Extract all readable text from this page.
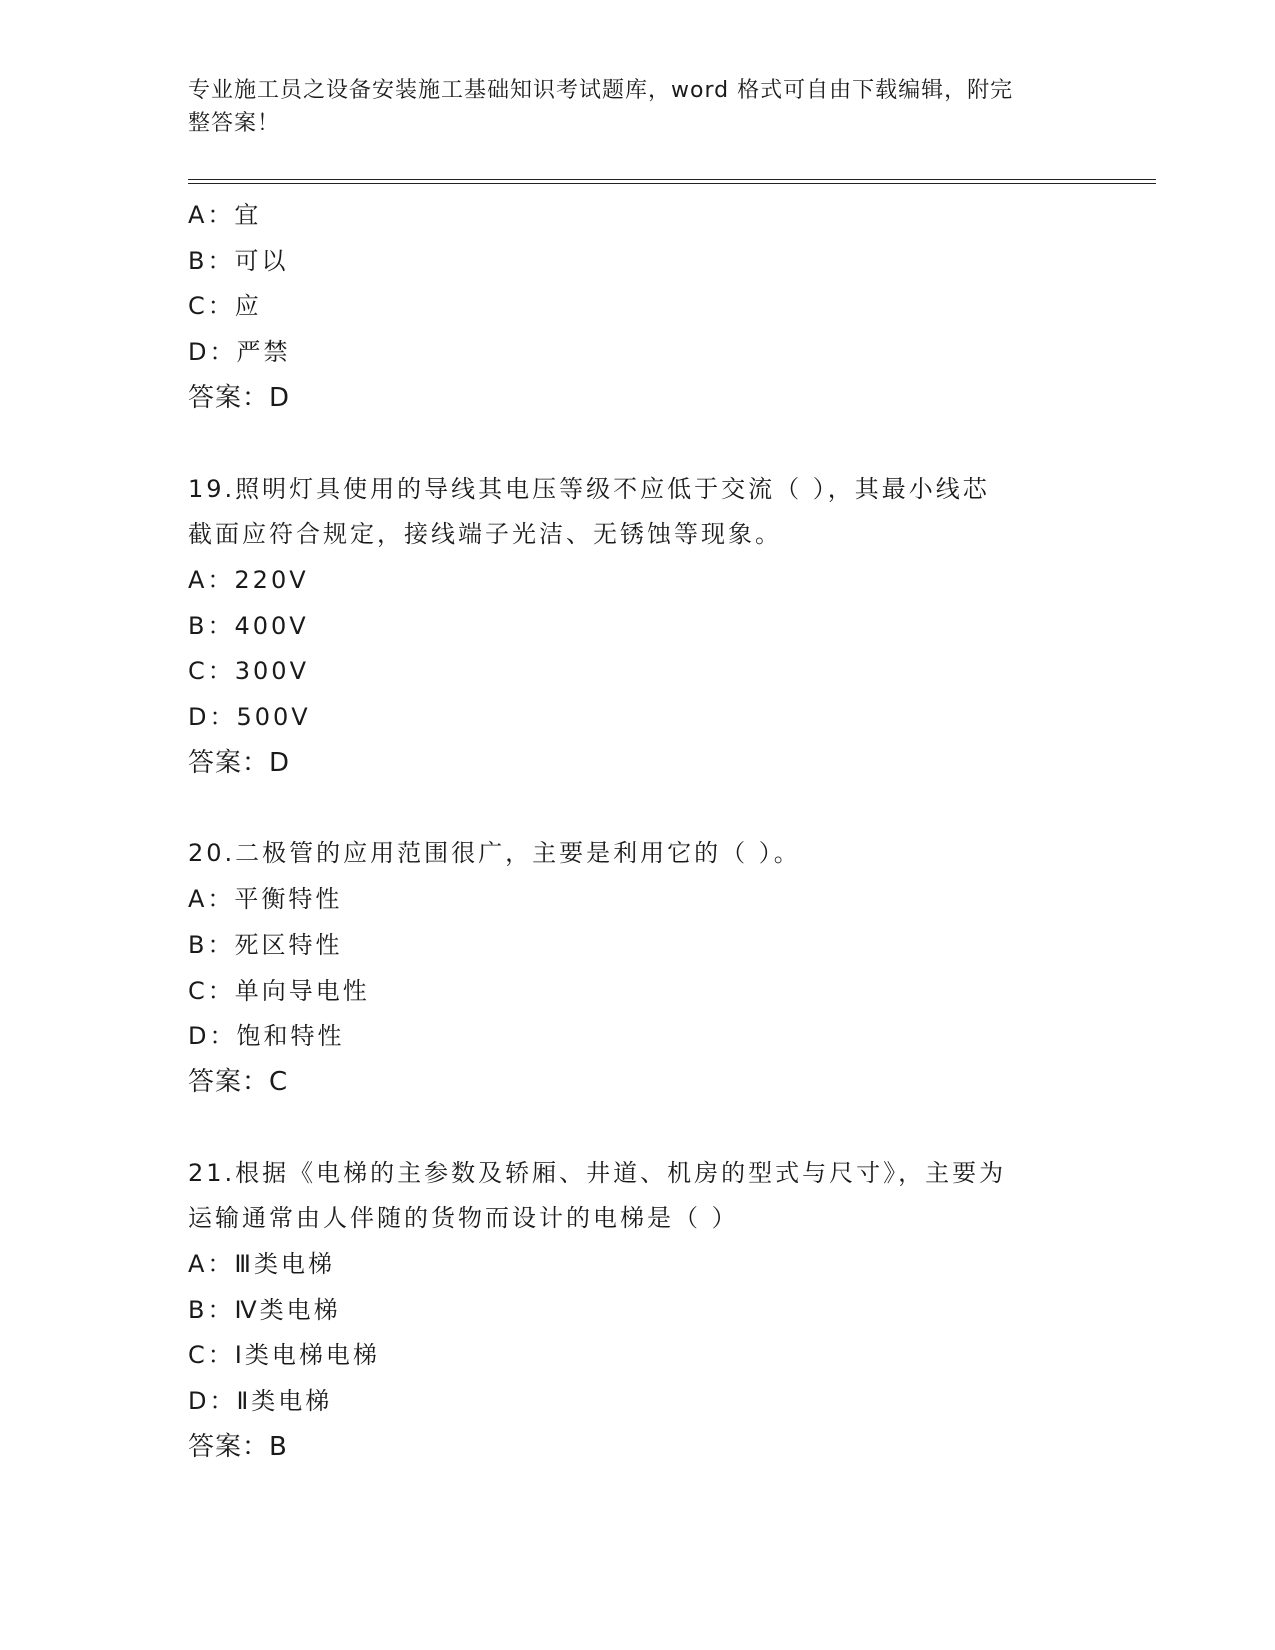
专业施工员之设备安装施工基础知识考试题库，word 格式可自由下载编辑，附完
整答案！
A：宜
B：可以
C：应
D：严禁
答案：D
19.照明灯具使用的导线其电压等级不应低于交流（ ），其最小线芯
截面应符合规定，接线端子光洁、无锈蚀等现象。
A：220V
B：400V
C：300V
D：500V
答案：D
20.二极管的应用范围很广，主要是利用它的（ ）。
A：平衡特性
B：死区特性
C：单向导电性
D：饱和特性
答案：C
21.根据《电梯的主参数及轿厢、井道、机房的型式与尺寸》，主要为
运输通常由人伴随的货物而设计的电梯是（ ）
A：Ⅲ类电梯
B：Ⅳ类电梯
C：Ⅰ类电梯电梯
D：Ⅱ类电梯
答案：B
